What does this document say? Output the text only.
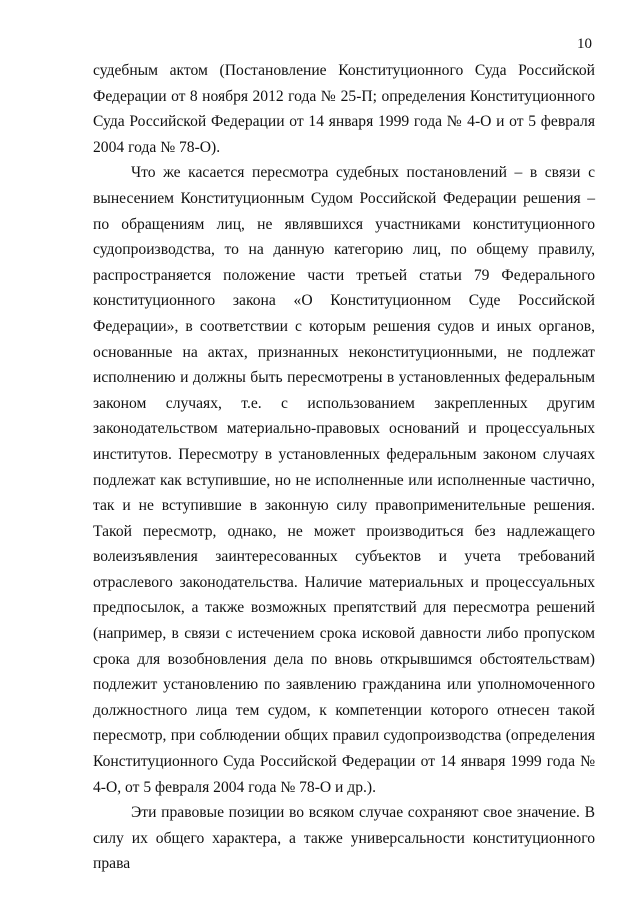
10

судебным актом (Постановление Конституционного Суда Российской Федерации от 8 ноября 2012 года № 25-П; определения Конституционного Суда Российской Федерации от 14 января 1999 года № 4-О и от 5 февраля 2004 года № 78-О).

Что же касается пересмотра судебных постановлений – в связи с вынесением Конституционным Судом Российской Федерации решения – по обращениям лиц, не являвшихся участниками конституционного судопроизводства, то на данную категорию лиц, по общему правилу, распространяется положение части третьей статьи 79 Федерального конституционного закона «О Конституционном Суде Российской Федерации», в соответствии с которым решения судов и иных органов, основанные на актах, признанных неконституционными, не подлежат исполнению и должны быть пересмотрены в установленных федеральным законом случаях, т.е. с использованием закрепленных другим законодательством материально-правовых оснований и процессуальных институтов. Пересмотру в установленных федеральным законом случаях подлежат как вступившие, но не исполненные или исполненные частично, так и не вступившие в законную силу правоприменительные решения. Такой пересмотр, однако, не может производиться без надлежащего волеизъявления заинтересованных субъектов и учета требований отраслевого законодательства. Наличие материальных и процессуальных предпосылок, а также возможных препятствий для пересмотра решений (например, в связи с истечением срока исковой давности либо пропуском срока для возобновления дела по вновь открывшимся обстоятельствам) подлежит установлению по заявлению гражданина или уполномоченного должностного лица тем судом, к компетенции которого отнесен такой пересмотр, при соблюдении общих правил судопроизводства (определения Конституционного Суда Российской Федерации от 14 января 1999 года № 4-О, от 5 февраля 2004 года № 78-О и др.).

Эти правовые позиции во всяком случае сохраняют свое значение. В силу их общего характера, а также универсальности конституционного права
